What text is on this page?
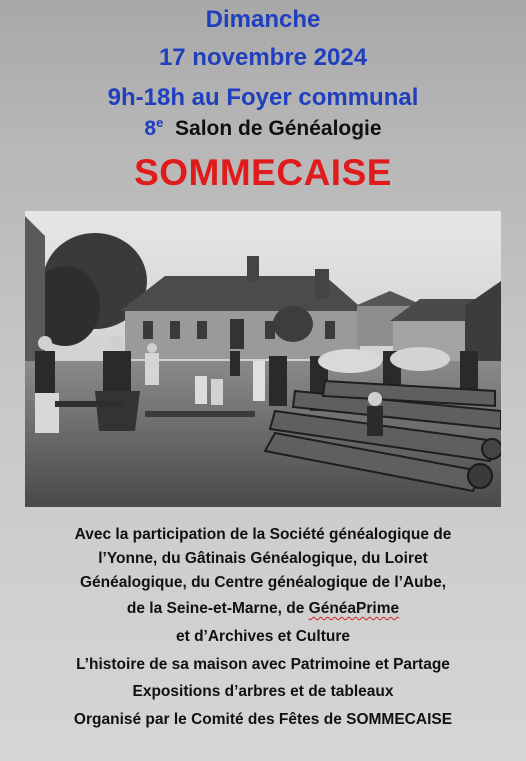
Dimanche
17 novembre 2024
9h-18h au Foyer communal
8e Salon de Généalogie
SOMMECAISE
Avec la participation de la Société généalogique de
l’Yonne, du Gâtinais Généalogique, du Loiret
Généalogique, du Centre généalogique de l’Aube,
de la Seine-et-Marne, de GénéaPrime
et d’Archives et Culture
L’histoire de sa maison avec Patrimoine et Partage
Expositions d’arbres et de tableaux
Organisé par le Comité des Fêtes de SOMMECAISE
